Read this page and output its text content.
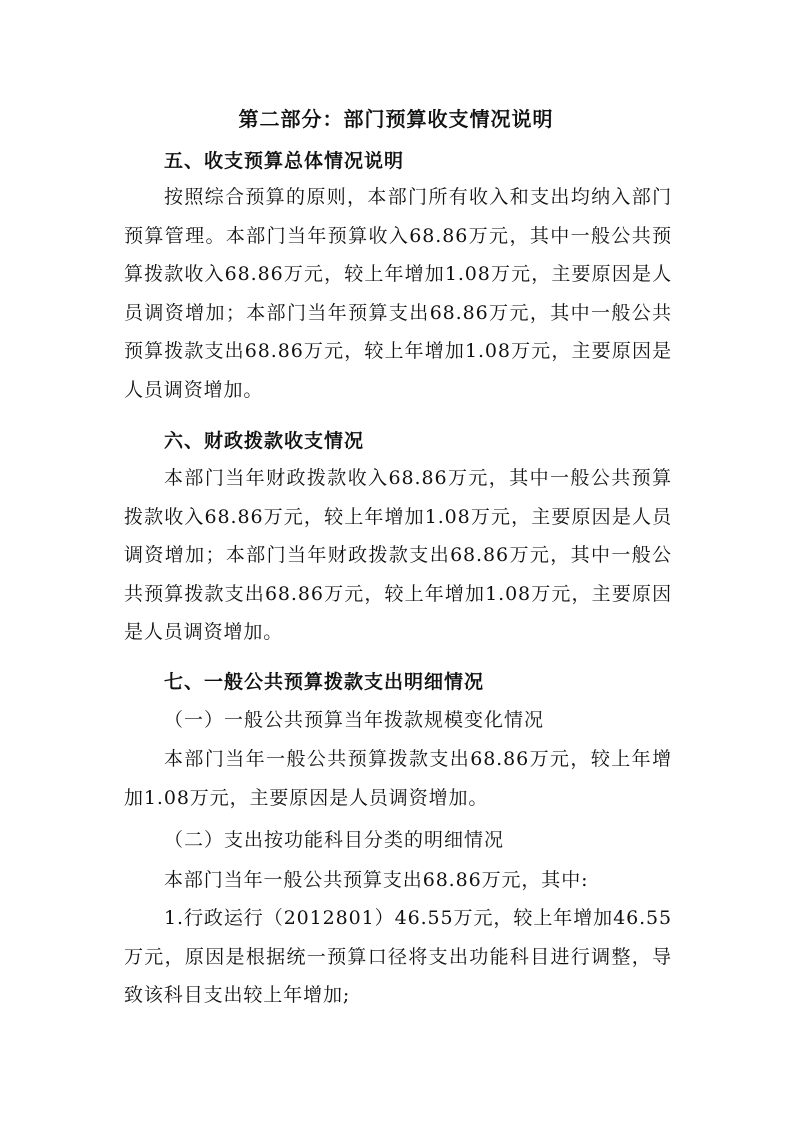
第二部分：部门预算收支情况说明
五、收支预算总体情况说明

按照综合预算的原则，本部门所有收入和支出均纳入部门预算管理。本部门当年预算收入68.86万元，其中一般公共预算拨款收入68.86万元，较上年增加1.08万元，主要原因是人员调资增加；本部门当年预算支出68.86万元，其中一般公共预算拨款支出68.86万元，较上年增加1.08万元，主要原因是人员调资增加。

六、财政拨款收支情况

本部门当年财政拨款收入68.86万元，其中一般公共预算拨款收入68.86万元，较上年增加1.08万元，主要原因是人员调资增加；本部门当年财政拨款支出68.86万元，其中一般公共预算拨款支出68.86万元，较上年增加1.08万元，主要原因是人员调资增加。

七、一般公共预算拨款支出明细情况
（一）一般公共预算当年拨款规模变化情况

本部门当年一般公共预算拨款支出68.86万元，较上年增加1.08万元，主要原因是人员调资增加。

（二）支出按功能科目分类的明细情况

本部门当年一般公共预算支出68.86万元，其中:

1.行政运行（2012801）46.55万元，较上年增加46.55万元，原因是根据统一预算口径将支出功能科目进行调整，导致该科目支出较上年增加;
